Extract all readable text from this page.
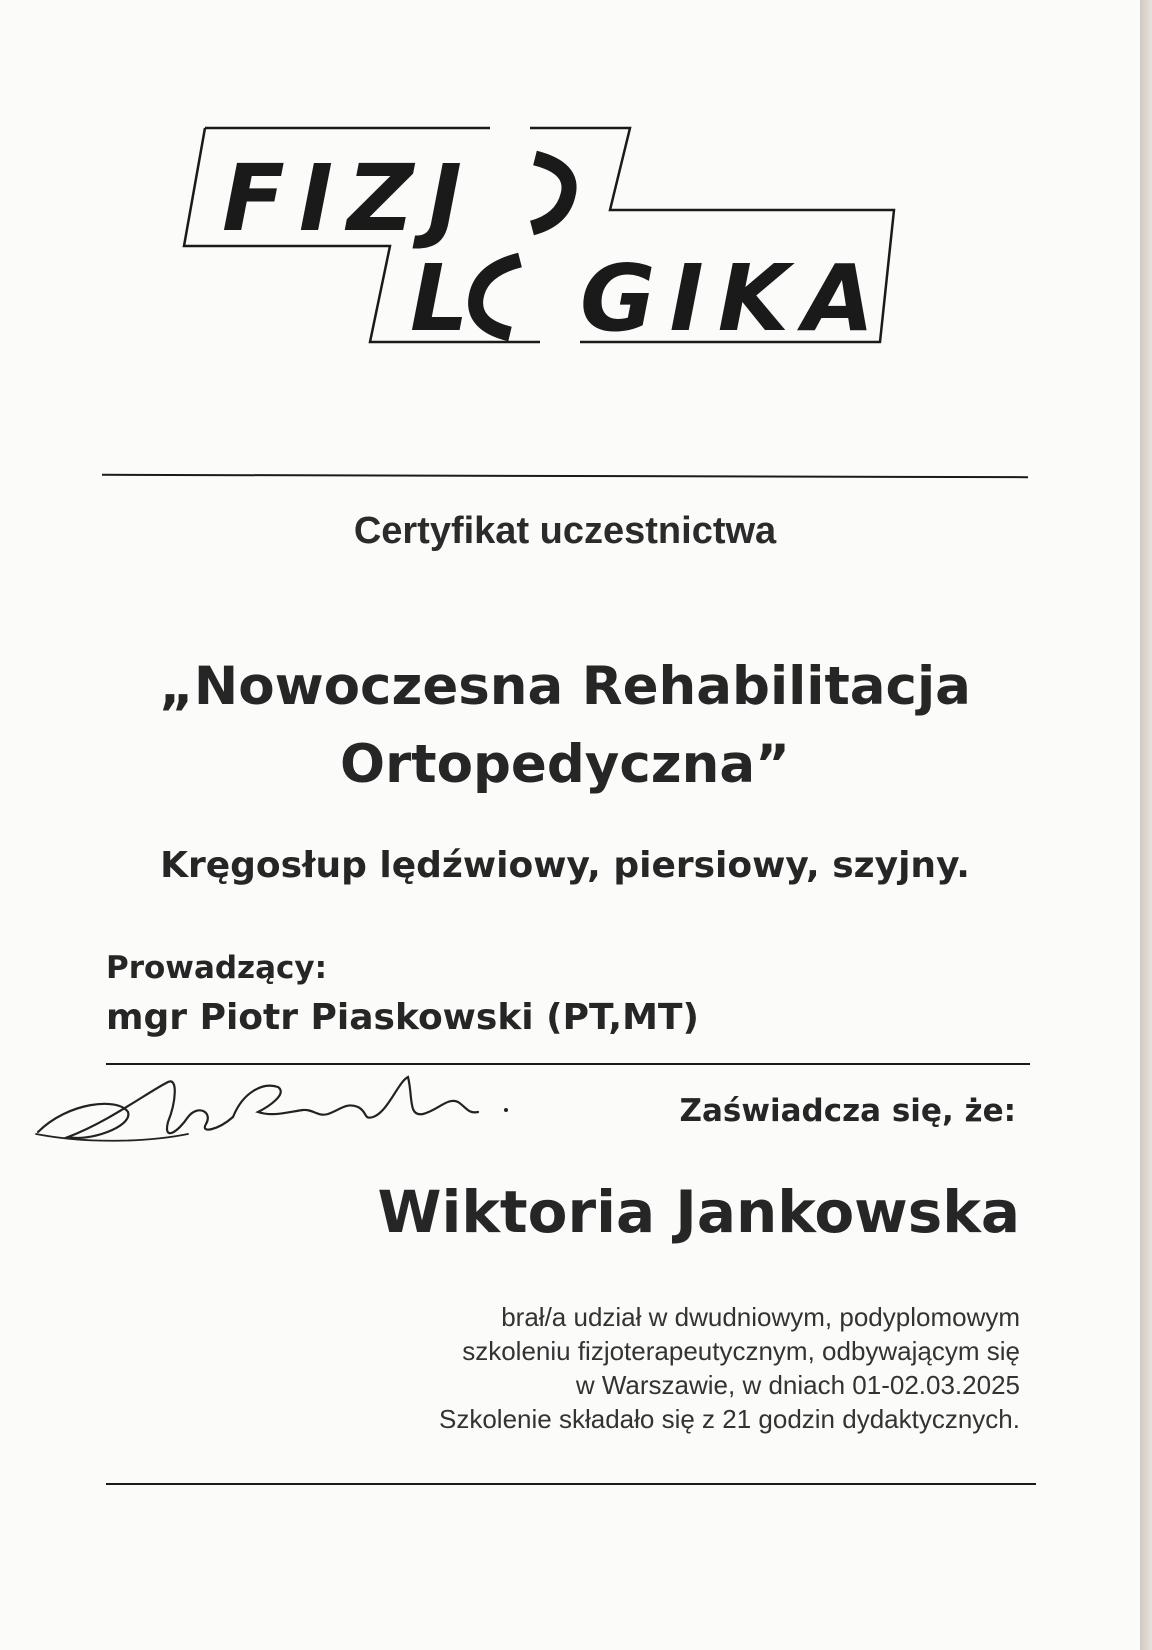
FIZJ
L GIKA
Certyfikat uczestnictwa
„Nowoczesna Rehabilitacja
Ortopedyczna”
Kręgosłup lędźwiowy, piersiowy, szyjny.
Prowadzący:
mgr Piotr Piaskowski (PT,MT)
Zaświadcza się, że:
Wiktoria Jankowska
brał/a udział w dwudniowym, podyplomowym
szkoleniu fizjoterapeutycznym, odbywającym się
w Warszawie, w dniach 01-02.03.2025
Szkolenie składało się z 21 godzin dydaktycznych.
